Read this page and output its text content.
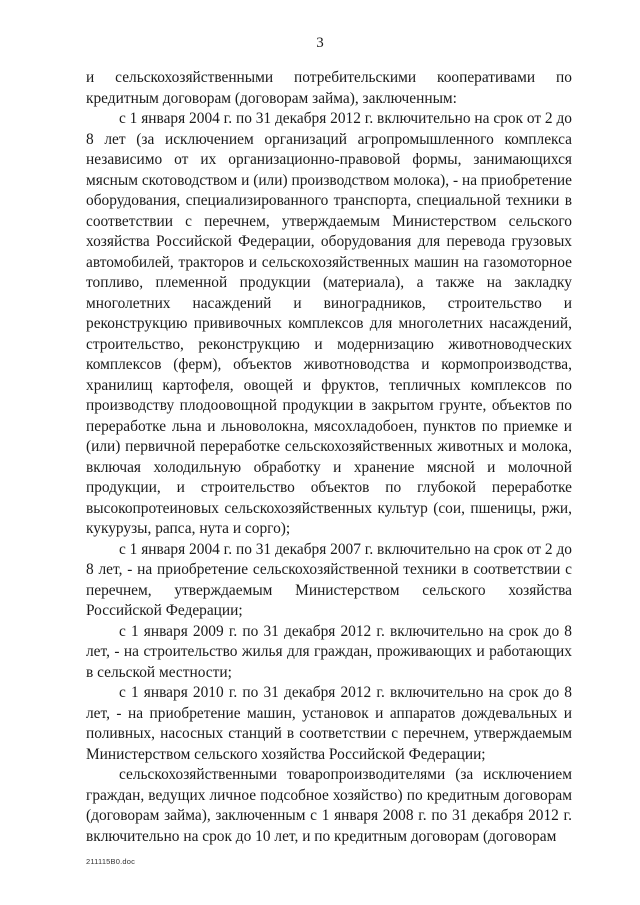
3

и сельскохозяйственными потребительскими кооперативами по кредитным договорам (договорам займа), заключенным:

с 1 января 2004 г. по 31 декабря 2012 г. включительно на срок от 2 до 8 лет (за исключением организаций агропромышленного комплекса независимо от их организационно-правовой формы, занимающихся мясным скотоводством и (или) производством молока), - на приобретение оборудования, специализированного транспорта, специальной техники в соответствии с перечнем, утверждаемым Министерством сельского хозяйства Российской Федерации, оборудования для перевода грузовых автомобилей, тракторов и сельскохозяйственных машин на газомоторное топливо, племенной продукции (материала), а также на закладку многолетних насаждений и виноградников, строительство и реконструкцию прививочных комплексов для многолетних насаждений, строительство, реконструкцию и модернизацию животноводческих комплексов (ферм), объектов животноводства и кормопроизводства, хранилищ картофеля, овощей и фруктов, тепличных комплексов по производству плодоовощной продукции в закрытом грунте, объектов по переработке льна и льноволокна, мясохладобоен, пунктов по приемке и (или) первичной переработке сельскохозяйственных животных и молока, включая холодильную обработку и хранение мясной и молочной продукции, и строительство объектов по глубокой переработке высокопротеиновых сельскохозяйственных культур (сои, пшеницы, ржи, кукурузы, рапса, нута и сорго);

с 1 января 2004 г. по 31 декабря 2007 г. включительно на срок от 2 до 8 лет, - на приобретение сельскохозяйственной техники в соответствии с перечнем, утверждаемым Министерством сельского хозяйства Российской Федерации;

с 1 января 2009 г. по 31 декабря 2012 г. включительно на срок до 8 лет, - на строительство жилья для граждан, проживающих и работающих в сельской местности;

с 1 января 2010 г. по 31 декабря 2012 г. включительно на срок до 8 лет, - на приобретение машин, установок и аппаратов дождевальных и поливных, насосных станций в соответствии с перечнем, утверждаемым Министерством сельского хозяйства Российской Федерации;

сельскохозяйственными товаропроизводителями (за исключением граждан, ведущих личное подсобное хозяйство) по кредитным договорам (договорам займа), заключенным с 1 января 2008 г. по 31 декабря 2012 г. включительно на срок до 10 лет, и по кредитным договорам (договорам

211115В0.doc
